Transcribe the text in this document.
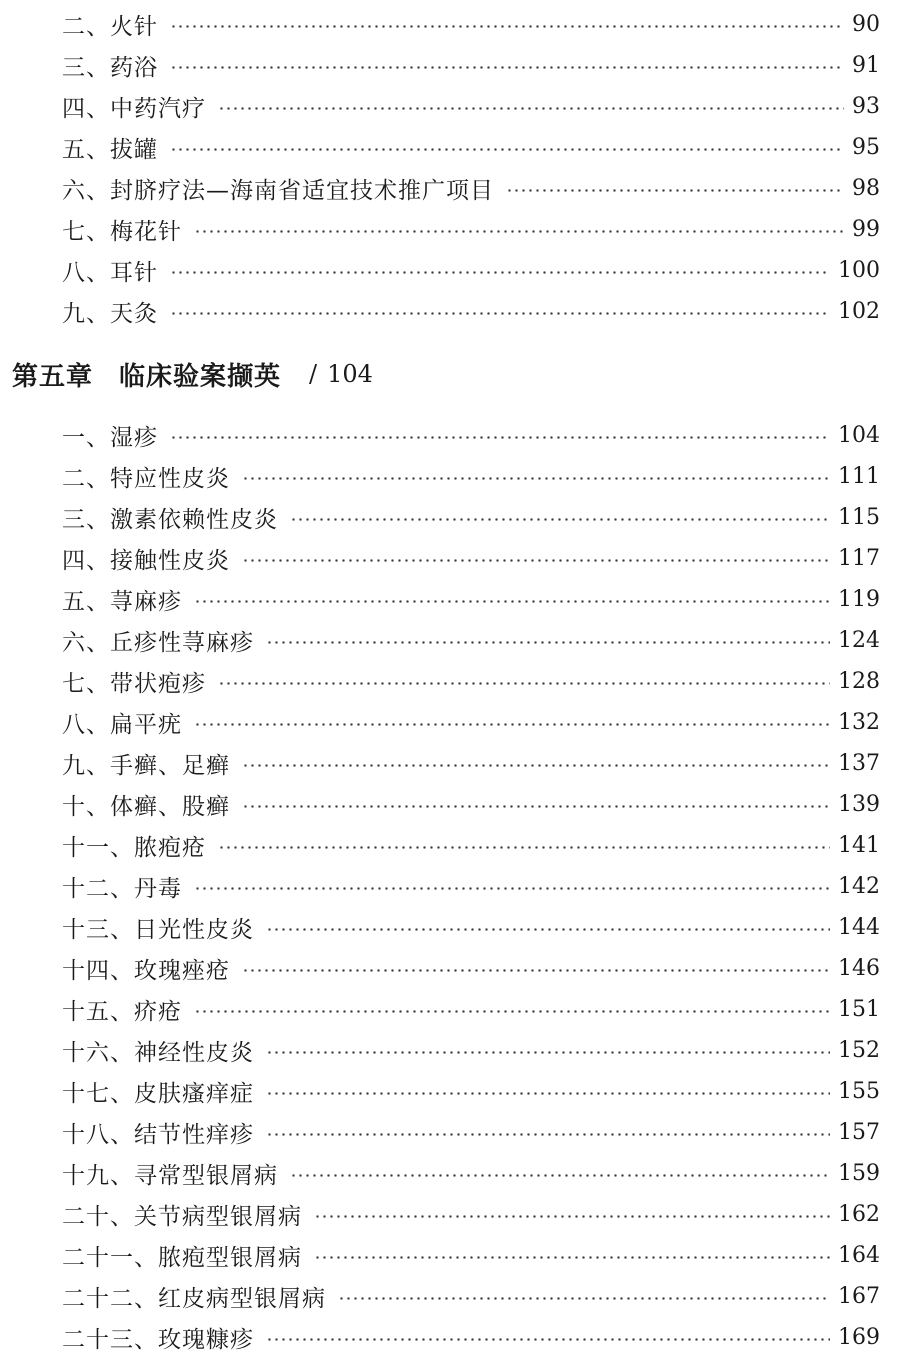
二、火针	90
三、药浴	91
四、中药汽疗	93
五、拔罐	95
六、封脐疗法—海南省适宜技术推广项目	98
七、梅花针	99
八、耳针	100
九、天灸	102
第五章 临床验案撷英 / 104
一、湿疹	104
二、特应性皮炎	111
三、激素依赖性皮炎	115
四、接触性皮炎	117
五、荨麻疹	119
六、丘疹性荨麻疹	124
七、带状疱疹	128
八、扁平疣	132
九、手癣、足癣	137
十、体癣、股癣	139
十一、脓疱疮	141
十二、丹毒	142
十三、日光性皮炎	144
十四、玫瑰痤疮	146
十五、疥疮	151
十六、神经性皮炎	152
十七、皮肤瘙痒症	155
十八、结节性痒疹	157
十九、寻常型银屑病	159
二十、关节病型银屑病	162
二十一、脓疱型银屑病	164
二十二、红皮病型银屑病	167
二十三、玫瑰糠疹	169
